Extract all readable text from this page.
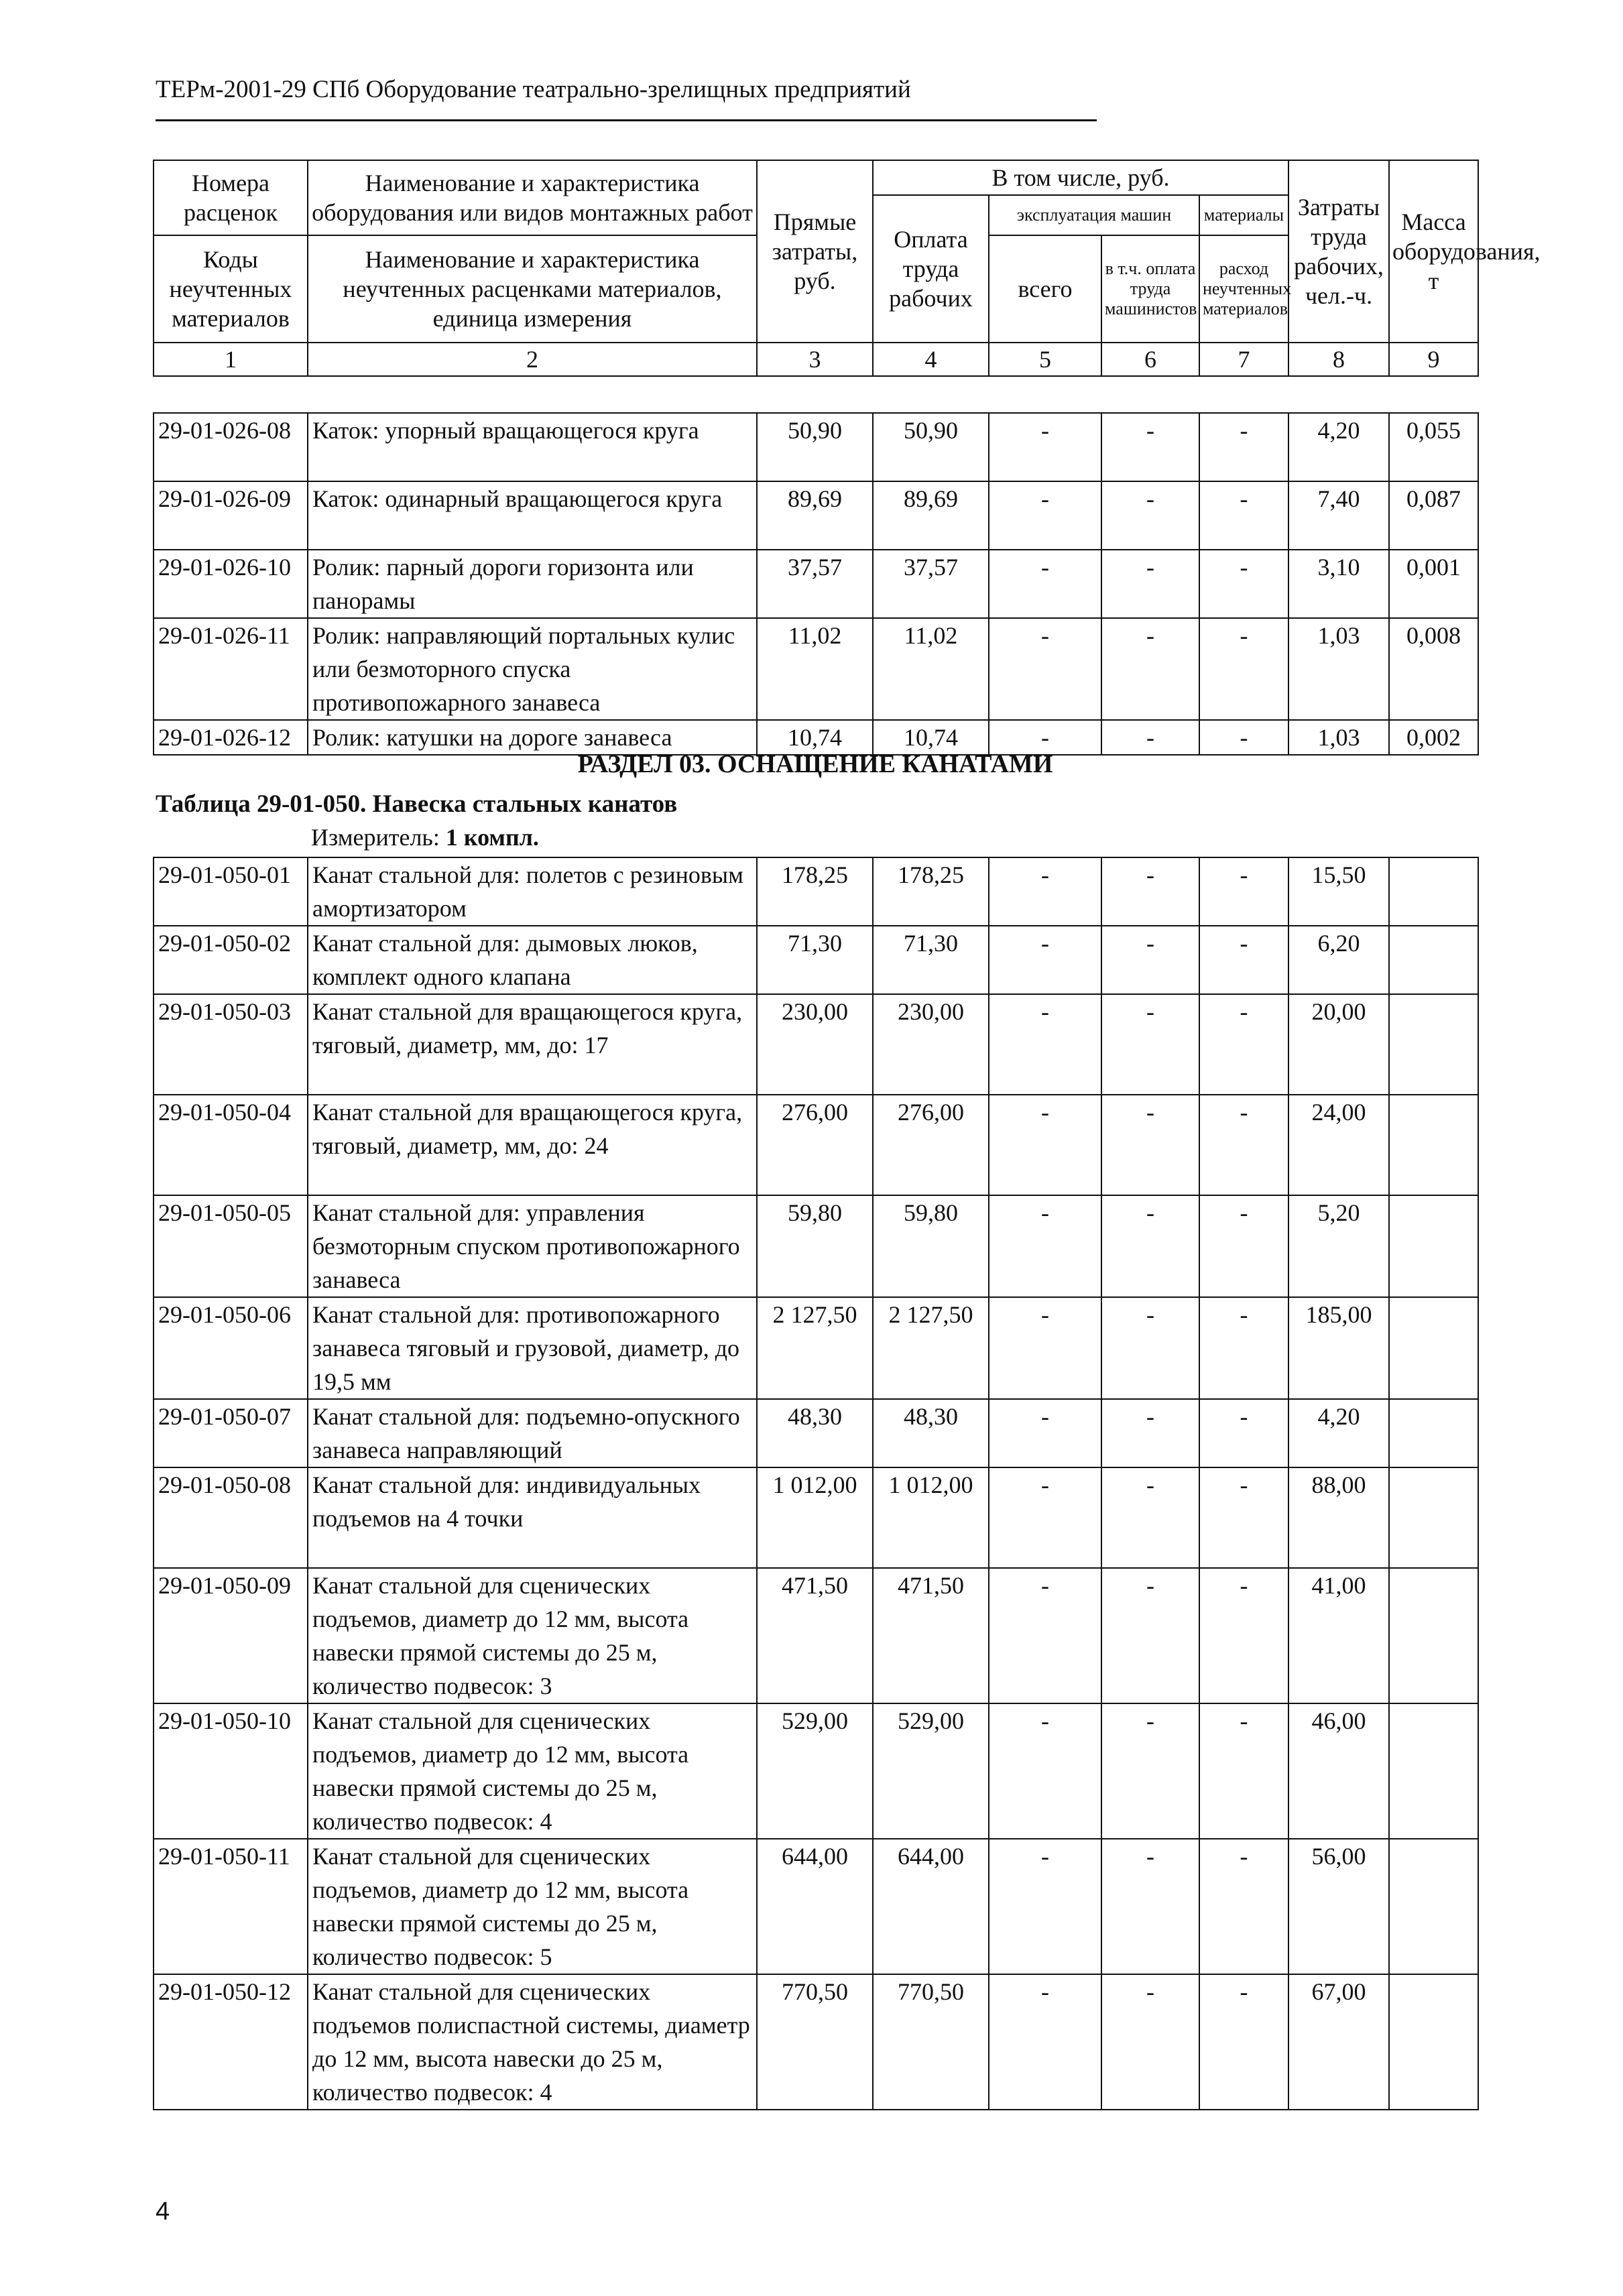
ТЕРм-2001-29 СПб Оборудование театрально-зрелищных предприятий
Номера расценок	Наименование и характеристика оборудования или видов монтажных работ	Прямые затраты, руб.	В том числе, руб.				Затраты труда рабочих, чел.-ч.	Масса оборудования, т
			Оплата труда рабочих	эксплуатация машин		материалы		
Коды неучтенных материалов	Наименование и характеристика неучтенных расценками материалов, единица измерения			всего	в т.ч. оплата труда машинистов	расход неучтенных материалов		

1	2	3	4	5	6	7	8	9
29-01-026-08	Каток: упорный вращающегося круга	50,90	50,90	-	-	-	4,20	0,055
29-01-026-09	Каток: одинарный вращающегося круга	89,69	89,69	-	-	-	7,40	0,087
29-01-026-10	Ролик: парный дороги горизонта или панорамы	37,57	37,57	-	-	-	3,10	0,001
29-01-026-11	Ролик: направляющий портальных кулис или безмоторного спуска противопожарного занавеса	11,02	11,02	-	-	-	1,03	0,008
29-01-026-12	Ролик: катушки на дороге занавеса	10,74	10,74	-	-	-	1,03	0,002
РАЗДЕЛ 03. ОСНАЩЕНИЕ КАНАТАМИ
Таблица 29-01-050. Навеска стальных канатов
Измеритель: 1 компл.
29-01-050-01	Канат стальной для: полетов с резиновым амортизатором	178,25	178,25	-	-	-	15,50	
29-01-050-02	Канат стальной для: дымовых люков, комплект одного клапана	71,30	71,30	-	-	-	6,20	
29-01-050-03	Канат стальной для вращающегося круга, тяговый, диаметр, мм, до: 17	230,00	230,00	-	-	-	20,00	
29-01-050-04	Канат стальной для вращающегося круга, тяговый, диаметр, мм, до: 24	276,00	276,00	-	-	-	24,00	
29-01-050-05	Канат стальной для: управления безмоторным спуском противопожарного занавеса	59,80	59,80	-	-	-	5,20	
29-01-050-06	Канат стальной для: противопожарного занавеса тяговый и грузовой, диаметр, до 19,5 мм	2 127,50	2 127,50	-	-	-	185,00	
29-01-050-07	Канат стальной для: подъемно-опускного занавеса направляющий	48,30	48,30	-	-	-	4,20	
29-01-050-08	Канат стальной для: индивидуальных подъемов на 4 точки	1 012,00	1 012,00	-	-	-	88,00	
29-01-050-09	Канат стальной для сценических подъемов, диаметр до 12 мм, высота навески прямой системы до 25 м, количество подвесок: 3	471,50	471,50	-	-	-	41,00	
29-01-050-10	Канат стальной для сценических подъемов, диаметр до 12 мм, высота навески прямой системы до 25 м, количество подвесок: 4	529,00	529,00	-	-	-	46,00	
29-01-050-11	Канат стальной для сценических подъемов, диаметр до 12 мм, высота навески прямой системы до 25 м, количество подвесок: 5	644,00	644,00	-	-	-	56,00	
29-01-050-12	Канат стальной для сценических подъемов полиспастной системы, диаметр до 12 мм, высота навески до 25 м, количество подвесок: 4	770,50	770,50	-	-	-	67,00	
4
